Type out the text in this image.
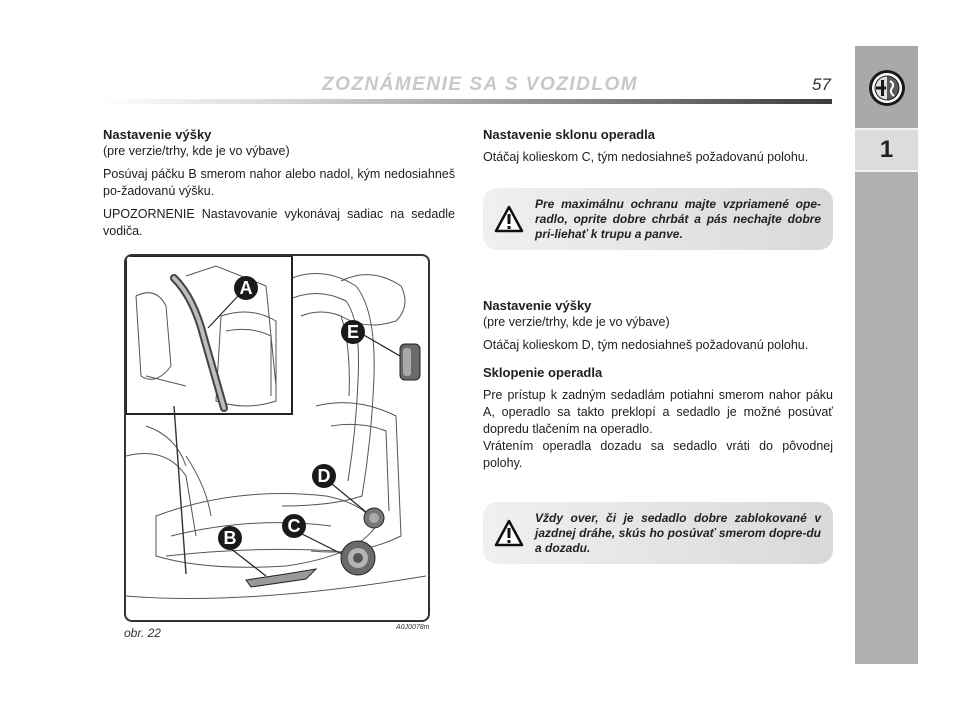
ZOZNÁMENIE SA S VOZIDLOM	57
1
Nastavenie výšky
(pre verzie/trhy, kde je vo výbave)
Posúvaj páčku B smerom nahor alebo nadol, kým nedosiahneš po-žadovanú výšku.
UPOZORNENIE Nastavovanie vykonávaj sadiac na sedadle vodiča.
A
E
D
C
B
obr. 22	A0J0078m
Nastavenie sklonu operadla
Otáčaj kolieskom C, tým nedosiahneš požadovanú polohu.
Pre maximálnu ochranu majte vzpriamené ope-radlo, oprite dobre chrbát a pás nechajte dobre pri-liehať k trupu a panve.
Nastavenie výšky
(pre verzie/trhy, kde je vo výbave)
Otáčaj kolieskom D, tým nedosiahneš požadovanú polohu.
Sklopenie operadla
Pre prístup k zadným sedadlám potiahni smerom nahor páku A, operadlo sa takto preklopí a sedadlo je možné posúvať dopredu tlačením na operadlo.
Vrátením operadla dozadu sa sedadlo vráti do pôvodnej polohy.
Vždy over, či je sedadlo dobre zablokované v jazdnej dráhe, skús ho posúvať smerom dopre-du a dozadu.
